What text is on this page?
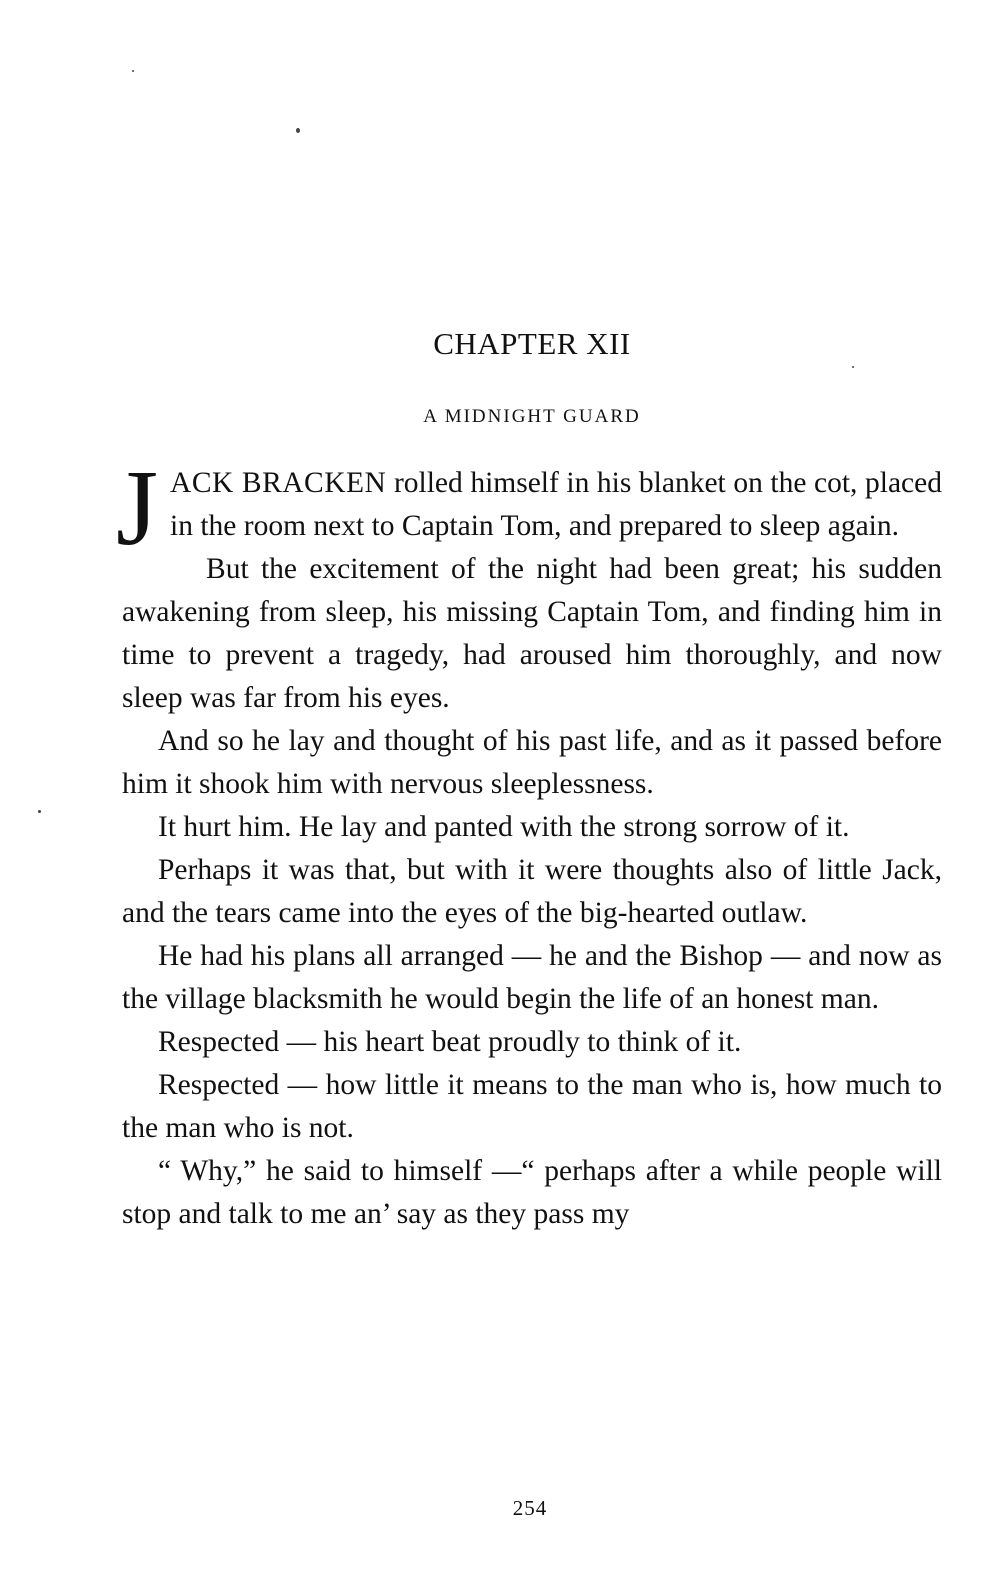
CHAPTER XII
A MIDNIGHT GUARD

JACK BRACKEN rolled himself in his blanket on the cot, placed in the room next to Captain Tom, and prepared to sleep again.

But the excitement of the night had been great; his sudden awakening from sleep, his missing Captain Tom, and finding him in time to prevent a tragedy, had aroused him thoroughly, and now sleep was far from his eyes.

And so he lay and thought of his past life, and as it passed before him it shook him with nervous sleeplessness.

It hurt him. He lay and panted with the strong sorrow of it.

Perhaps it was that, but with it were thoughts also of little Jack, and the tears came into the eyes of the big-hearted outlaw.

He had his plans all arranged — he and the Bishop — and now as the village blacksmith he would begin the life of an honest man.

Respected — his heart beat proudly to think of it.

Respected — how little it means to the man who is, how much to the man who is not.

“ Why,” he said to himself —“ perhaps after a while people will stop and talk to me an’ say as they pass my

254
